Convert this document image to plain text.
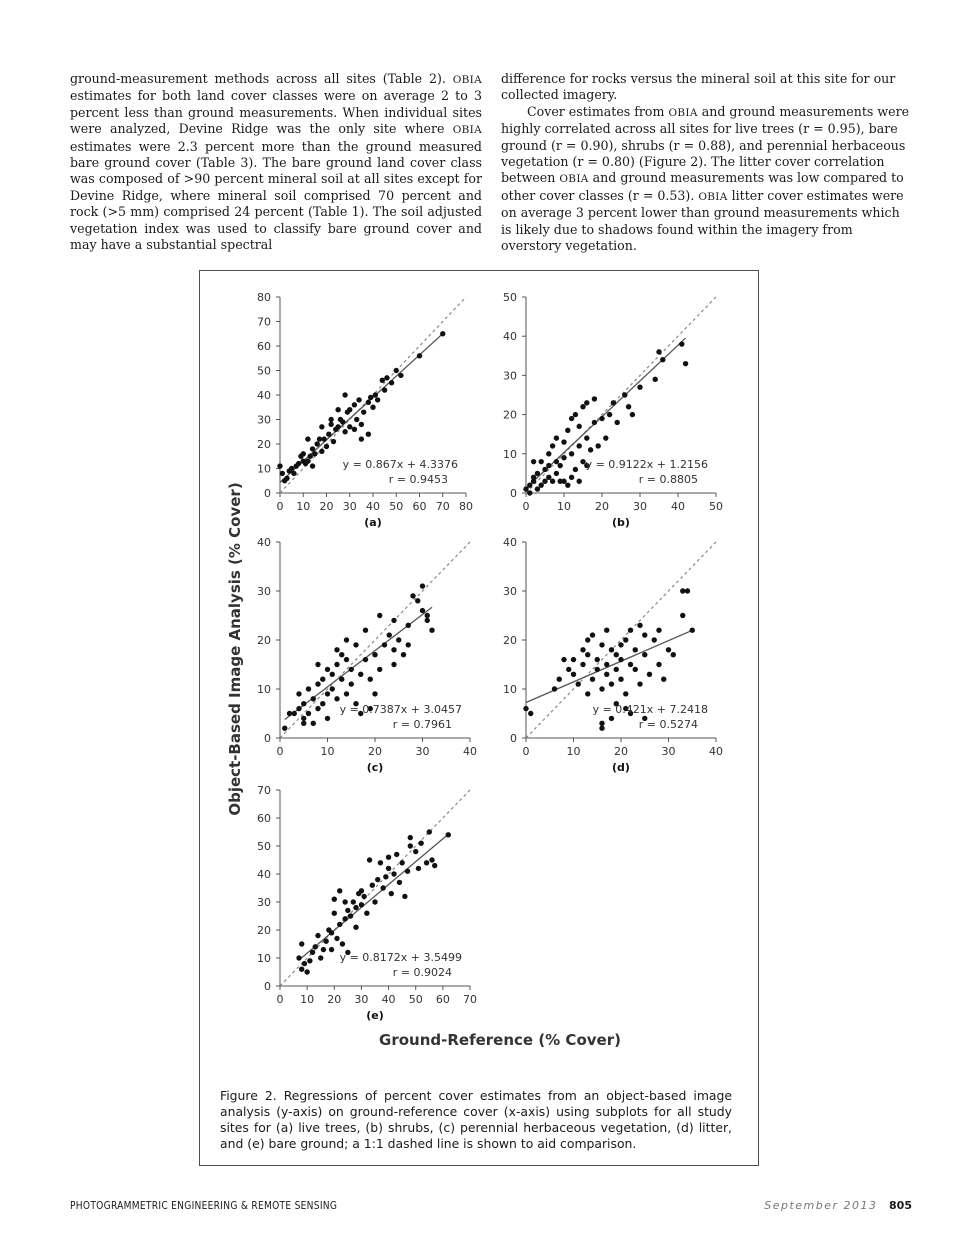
ground-measurement methods across all sites (Table 2). OBIA estimates for both land cover classes were on average 2 to 3 percent less than ground measurements. When individual sites were analyzed, Devine Ridge was the only site where OBIA estimates were 2.3 percent more than the ground measured bare ground cover (Table 3). The bare ground land cover class was composed of >90 percent mineral soil at all sites except for Devine Ridge, where mineral soil comprised 70 percent and rock (>5 mm) comprised 24 percent (Table 1). The soil adjusted vegetation index was used to classify bare ground cover and may have a substantial spectral

difference for rocks versus the mineral soil at this site for our collected imagery.

Cover estimates from OBIA and ground measurements were highly correlated across all sites for live trees (r = 0.95), bare ground (r = 0.90), shrubs (r = 0.88), and perennial herbaceous vegetation (r = 0.80) (Figure 2). The litter cover correlation between OBIA and ground measurements was low compared to other cover classes (r = 0.53). OBIA litter cover estimates were on average 3 percent lower than ground measurements which is likely due to shadows found within the imagery from overstory vegetation.

Object-Based Image Analysis (% Cover)
Ground-Reference (% Cover)
0
10
20
30
40
50
60
70
80
0 10 20 30 40 50 60 70 80
y = 0.867x + 4.3376
r = 0.9453
(a)
0
10
20
30
40
50
0	10 20 30 40 50
y = 0.9122x + 1.2156
r = 0.8805
(b)
0
10
20
30
40
0	10	20	30	40
y = 0.7387x + 3.0457
r = 0.7961
(c)
0
10
20
30
40
0	10	20	30	40
y = 0.421x + 7.2418
r = 0.5274
(d)
0
10
20
30
40
50
60
70
0 10 20 30 40 50 60 70
y = 0.8172x + 3.5499
r = 0.9024
(e)
Figure 2. Regressions of percent cover estimates from an object-based image analysis (y-axis) on ground-reference cover (x-axis) using subplots for all study sites for (a) live trees, (b) shrubs, (c) perennial herbaceous vegetation, (d) litter, and (e) bare ground; a 1:1 dashed line is shown to aid comparison.
PHOTOGRAMMETRIC ENGINEERING & REMOTE SENSING	September 2013 805
